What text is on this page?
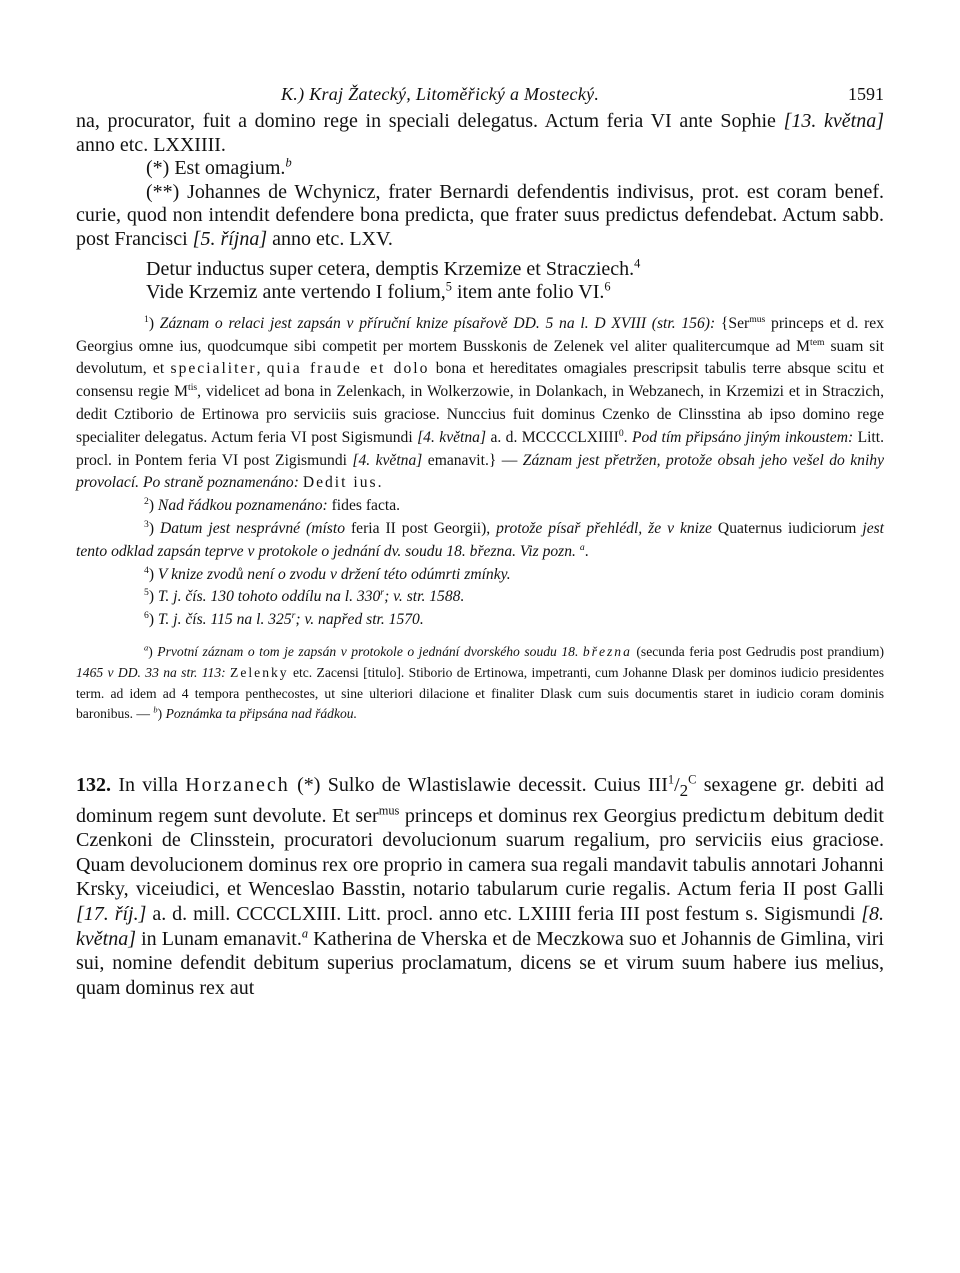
K.) Kraj Žatecký, Litoměřický a Mostecký.	1591

na, procurator, fuit a domino rege in speciali delegatus. Actum feria VI ante Sophie [13. května] anno etc. LXXIIII.

(*) Est omagium.$^b$

(**) Johannes de Wchynicz, frater Bernardi defendentis indivisus, prot. est coram benef. curie, quod non intendit defendere bona predicta, que frater suus predictus defendebat. Actum sabb. post Francisci [5. října] anno etc. LXV.

Detur inductus super cetera, demptis Krzemize et Stracziech.$^4$

Vide Krzemiz ante vertendo I folium,$^5$ item ante folio VI.$^6$

$^1$) Záznam o relaci jest zapsán v příruční knize písařově DD. 5 na l. D XVIII (str. 156): {Ser$^{mus}$ princeps et d. rex Georgius omne ius, quodcumque sibi competit per mortem Busskonis de Zelenek vel aliter qualitercumque ad $M^{tem}$ suam sit devolutum, et specialiter, quia fraude et dolo bona et hereditates omagiales prescripsit tabulis terre absque scitu et consensu regie $M^{tis}$, videlicet ad bona in Zelenkach, in Wolkerzowie, in Dolankach, in Webzanech, in Krzemizi et in Straczich, dedit Cztiborio de Ertinowa pro serviciis suis graciose. Nunccius fuit dominus Czenko de Clinsstina ab ipso domino rege specialiter delegatus. Actum feria VI post Sigismundi [4. května] a. d. MCCCCLXIIII$^0$. Pod tím připsáno jiným inkoustem: Litt. procl. in Pontem feria VI post Zigismundi [4. května] emanavit.} — Záznam jest přetržen, protože obsah jeho vešel do knihy provolací. Po straně poznamenáno: Dedit ius.

$^2$) Nad řádkou poznamenáno: fides facta.

$^3$) Datum jest nesprávné (místo feria II post Georgii), protože písař přehlédl, že v knize Quaternus iudiciorum jest tento odklad zapsán teprve v protokole o jednání dv. soudu 18. března. Viz pozn. $^a$.

$^4$) V knize zvodů není o zvodu v držení této odúmrti zmínky.

$^5$) T. j. čís. 130 tohoto oddílu na l. 330$^r$; v. str. 1588.

$^6$) T. j. čís. 115 na l. 325$^r$; v. napřed str. 1570.

$^a$) Prvotní záznam o tom je zapsán v protokole o jednání dvorského soudu 18. března (secunda feria post Gedrudis post prandium) 1465 v DD. 33 na str. 113: Zelenky etc. Zacensi [titulo]. Stiborio de Ertinowa, impetranti, cum Johanne Dlask per dominos iudicio presidentes term. ad idem ad 4 tempora penthecostes, ut sine ulteriori dilacione et finaliter Dlask cum suis documentis staret in iudicio coram dominis baronibus. — $^b$) Poznámka ta připsána nad řádkou.

132. In villa Horzanech (*) Sulko de Wlastislawie decessit. Cuius $III^1/_2^C$ sexagene gr. debiti ad dominum regem sunt devolute. Et ser$^{mus}$ princeps et dominus rex Georgius predictum debitum dedit Czenkoni de Clinsstein, procuratori devolucionum suarum regalium, pro serviciis eius graciose. Quam devolucionem dominus rex ore proprio in camera sua regali mandavit tabulis annotari Johanni Krsky, viceiudici, et Wenceslao Basstin, notario tabularum curie regalis. Actum feria II post Galli [17. říj.] a. d. mill. CCCCLXIII. Litt. procl. anno etc. LXIIII feria III post festum s. Sigismundi [8. května] in Lunam emanavit.$^a$ Katherina de Vherska et de Meczkowa suo et Johannis de Gimlina, viri sui, nomine defendit debitum superius proclamatum, dicens se et virum suum habere ius melius, quam dominus rex aut
